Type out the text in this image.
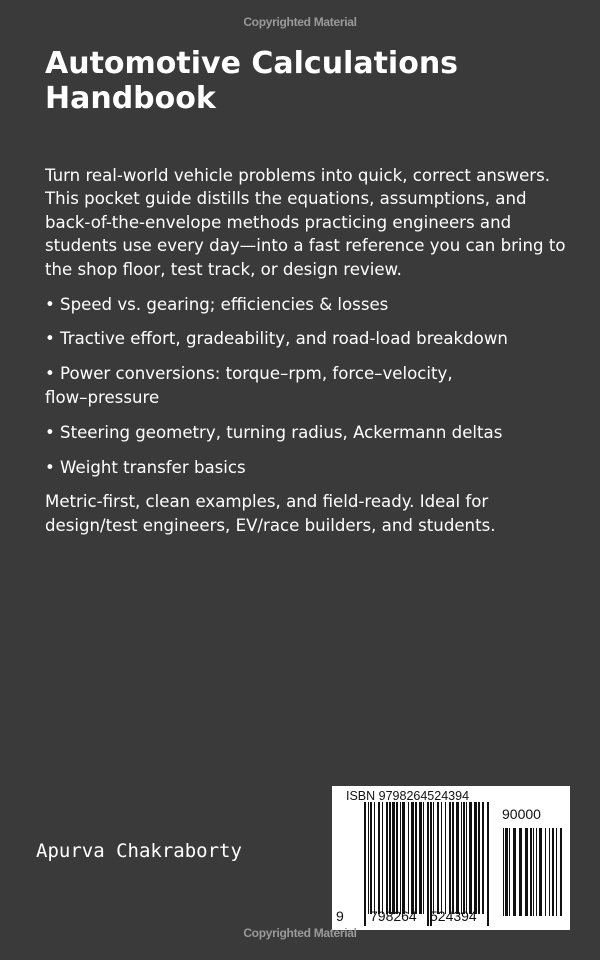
Copyrighted Material
Automotive Calculations
Handbook

Turn real-world vehicle problems into quick, correct answers. This pocket guide distills the equations, assumptions, and back-of-the-envelope methods practicing engineers and students use every day—into a fast reference you can bring to the shop floor, test track, or design review.

• Speed vs. gearing; efficiencies & losses

• Tractive effort, gradeability, and road-load breakdown

• Power conversions: torque–rpm, force–velocity, flow–pressure

• Steering geometry, turning radius, Ackermann deltas

• Weight transfer basics

Metric-first, clean examples, and field-ready. Ideal for design/test engineers, EV/race builders, and students.

Apurva Chakraborty
ISBN 9798264524394
90000
9 798264 524394
Copyrighted Material
